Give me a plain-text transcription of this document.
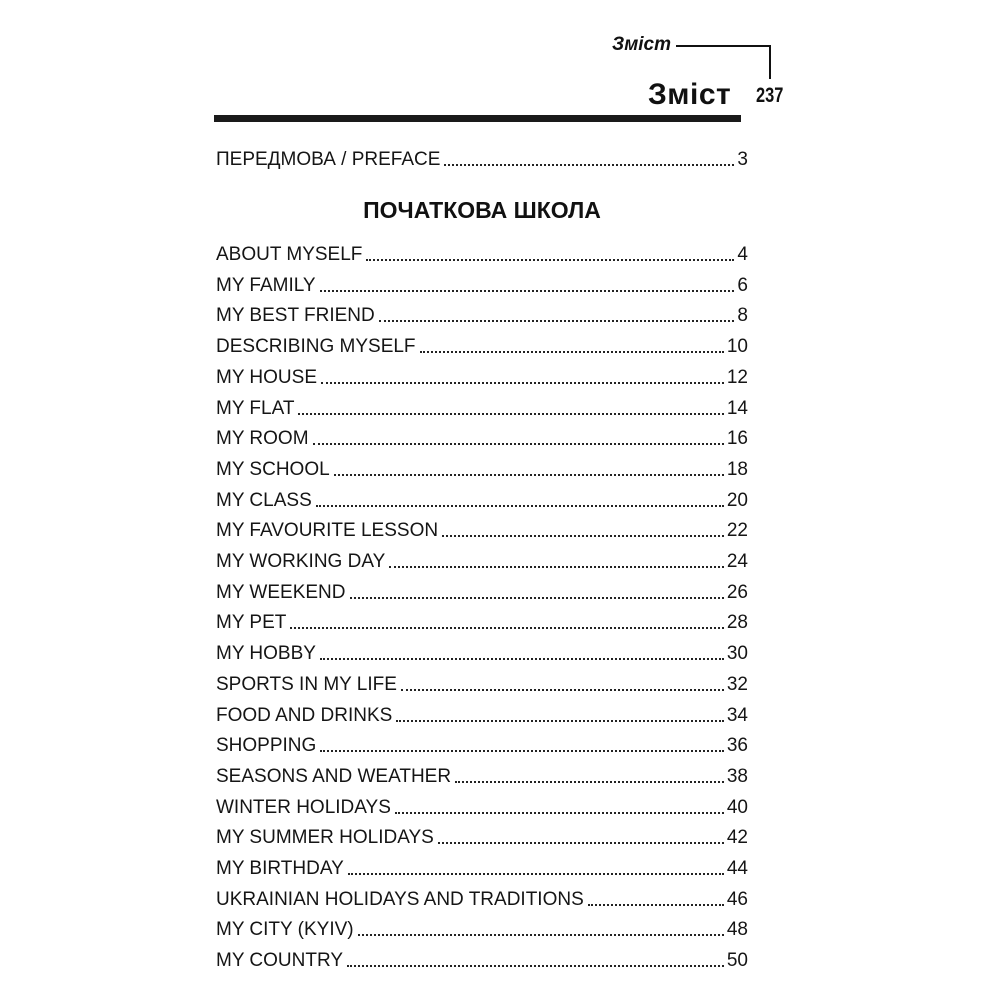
Зміст
Зміст 237
ПЕРЕДМОВА / PREFACE	3
ПОЧАТКОВА ШКОЛА
ABOUT MYSELF	4
MY FAMILY	6
MY BEST FRIEND	8
DESCRIBING MYSELF	10
MY HOUSE	12
MY FLAT	14
MY ROOM	16
MY SCHOOL	18
MY CLASS	20
MY FAVOURITE LESSON	22
MY WORKING DAY	24
MY WEEKEND	26
MY PET	28
MY HOBBY	30
SPORTS IN MY LIFE	32
FOOD AND DRINKS	34
SHOPPING	36
SEASONS AND WEATHER	38
WINTER HOLIDAYS	40
MY SUMMER HOLIDAYS	42
MY BIRTHDAY	44
UKRAINIAN HOLIDAYS AND TRADITIONS	46
MY CITY (KYIV)	48
MY COUNTRY	50
